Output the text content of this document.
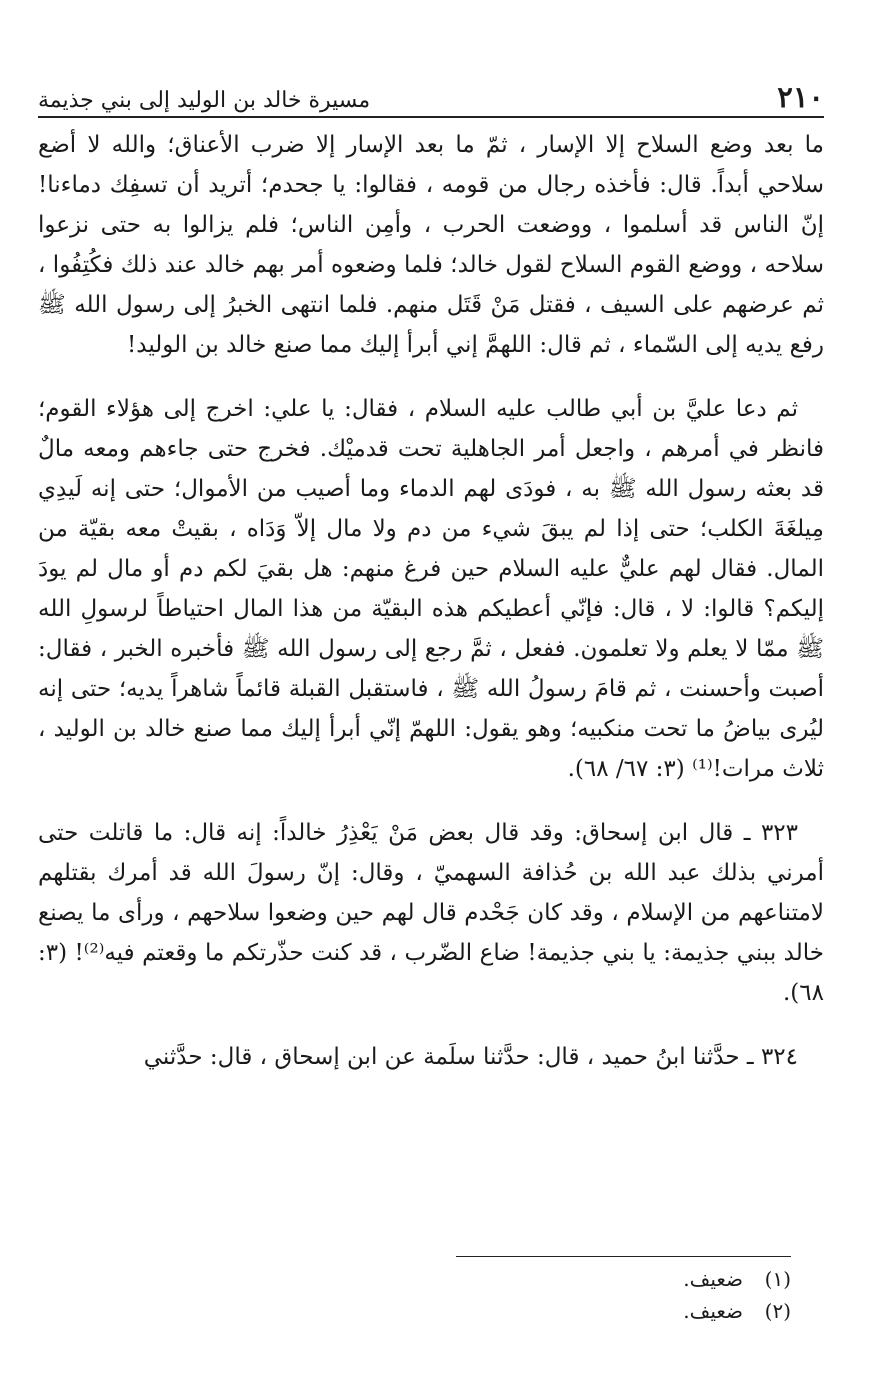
٢١٠
مسيرة خالد بن الوليد إلى بني جذيمة

ما بعد وضع السلاح إلا الإسار ، ثمّ ما بعد الإسار إلا ضرب الأعناق؛ والله لا أضع سلاحي أبداً. قال: فأخذه رجال من قومه ، فقالوا: يا جحدم؛ أتريد أن تسفِك دماءنا! إنّ الناس قد أسلموا ، ووضعت الحرب ، وأمِن الناس؛ فلم يزالوا به حتى نزعوا سلاحه ، ووضع القوم السلاح لقول خالد؛ فلما وضعوه أمر بهم خالد عند ذلك فكُتِفُوا ، ثم عرضهم على السيف ، فقتل مَنْ قَتَل منهم. فلما انتهى الخبرُ إلى رسول الله ﷺ رفع يديه إلى السّماء ، ثم قال: اللهمَّ إني أبرأ إليك مما صنع خالد بن الوليد!

ثم دعا عليَّ بن أبي طالب عليه السلام ، فقال: يا علي: اخرج إلى هؤلاء القوم؛ فانظر في أمرهم ، واجعل أمر الجاهلية تحت قدميْك. فخرج حتى جاءهم ومعه مالٌ قد بعثه رسول الله ﷺ به ، فودَى لهم الدماء وما أصيب من الأموال؛ حتى إنه لَيدِي مِيلغَةَ الكلب؛ حتى إذا لم يبقَ شيء من دم ولا مال إلاّ وَدَاه ، بقيتْ معه بقيّة من المال. فقال لهم عليٌّ عليه السلام حين فرغ منهم: هل بقيَ لكم دم أو مال لم يودَ إليكم؟ قالوا: لا ، قال: فإنّي أعطيكم هذه البقيّة من هذا المال احتياطاً لرسولِ الله ﷺ ممّا لا يعلم ولا تعلمون. ففعل ، ثمَّ رجع إلى رسول الله ﷺ فأخبره الخبر ، فقال: أصبت وأحسنت ، ثم قامَ رسولُ الله ﷺ ، فاستقبل القبلة قائماً شاهراً يديه؛ حتى إنه ليُرى بياضُ ما تحت منكبيه؛ وهو يقول: اللهمّ إنّي أبرأ إليك مما صنع خالد بن الوليد ، ثلاث مرات!⁽¹⁾ (٣: ٦٧/ ٦٨).

٣٢٣ ـ قال ابن إسحاق: وقد قال بعض مَنْ يَعْذِرُ خالداً: إنه قال: ما قاتلت حتى أمرني بذلك عبد الله بن حُذافة السهميّ ، وقال: إنّ رسولَ الله قد أمرك بقتلهم لامتناعهم من الإسلام ، وقد كان جَحْدم قال لهم حين وضعوا سلاحهم ، ورأى ما يصنع خالد ببني جذيمة: يا بني جذيمة! ضاع الضّرب ، قد كنت حذّرتكم ما وقعتم فيه⁽²⁾! (٣: ٦٨).

٣٢٤ ـ حدَّثنا ابنُ حميد ، قال: حدَّثنا سلَمة عن ابن إسحاق ، قال: حدَّثني

(١)
ضعيف.
(٢)
ضعيف.
